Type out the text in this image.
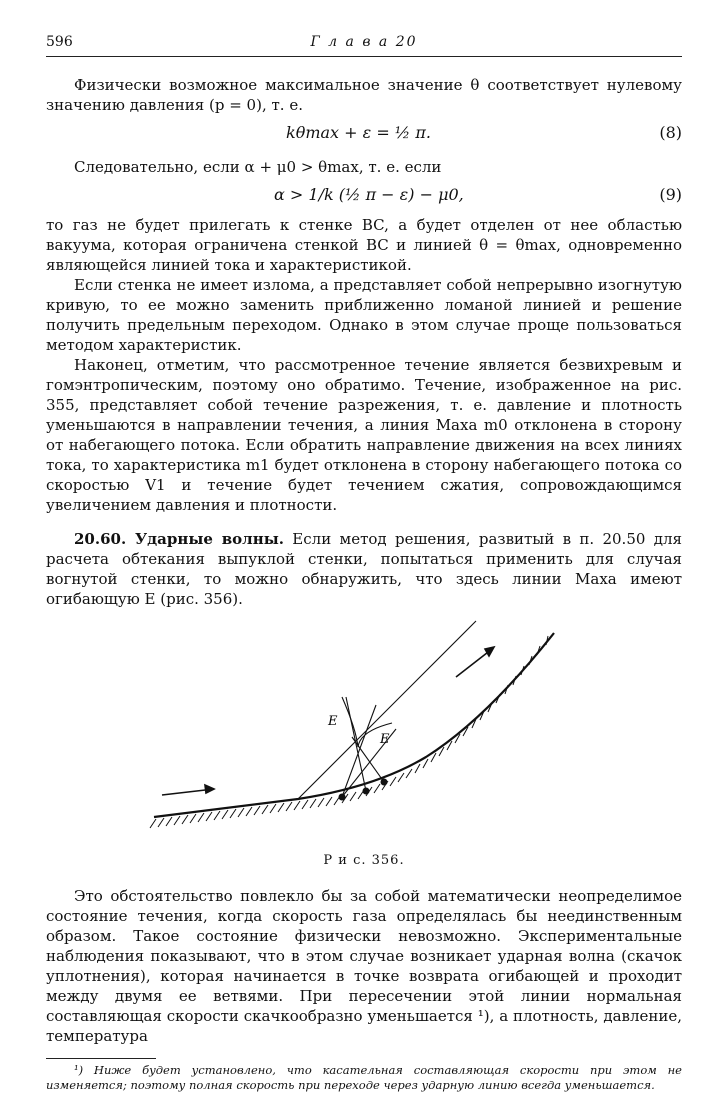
596	Г л а в а 20

Физически возможное максимальное значение θ соответствует нулевому значению давления (p = 0), т. е.

kθmax + ε = ½ π.	(8)

Следовательно, если α + μ0 > θmax, т. е. если

α > 1/k (½ π − ε) − μ0,	(9)

то газ не будет прилегать к стенке BC, а будет отделен от нее областью вакуума, которая ограничена стенкой BC и линией θ = θmax, одновременно являющейся линией тока и характеристикой.

Если стенка не имеет излома, а представляет собой непрерывно изогнутую кривую, то ее можно заменить приближенно ломаной линией и решение получить предельным переходом. Однако в этом случае проще пользоваться методом характеристик.

Наконец, отметим, что рассмотренное течение является безвихревым и гомэнтропическим, поэтому оно обратимо. Течение, изображенное на рис. 355, представляет собой течение разрежения, т. е. давление и плотность уменьшаются в направлении течения, а линия Маха m0 отклонена в сторону от набегающего потока. Если обратить направление движения на всех линиях тока, то характеристика m1 будет отклонена в сторону набегающего потока со скоростью V1 и течение будет течением сжатия, сопровождающимся увеличением давления и плотности.

20.60. Ударные волны. Если метод решения, развитый в п. 20.50 для расчета обтекания выпуклой стенки, попытаться применить для случая вогнутой стенки, то можно обнаружить, что здесь линии Маха имеют огибающую E (рис. 356).

E
E
Р и с. 356.

Это обстоятельство повлекло бы за собой математически неопределимое состояние течения, когда скорость газа определялась бы неединственным образом. Такое состояние физически невозможно. Экспериментальные наблюдения показывают, что в этом случае возникает ударная волна (скачок уплотнения), которая начинается в точке возврата огибающей и проходит между двумя ее ветвями. При пересечении этой линии нормальная составляющая скорости скачкообразно уменьшается ¹), а плотность, давление, температура

¹) Ниже будет установлено, что касательная составляющая скорости при этом не изменяется; поэтому полная скорость при переходе через ударную линию всегда уменьшается.
